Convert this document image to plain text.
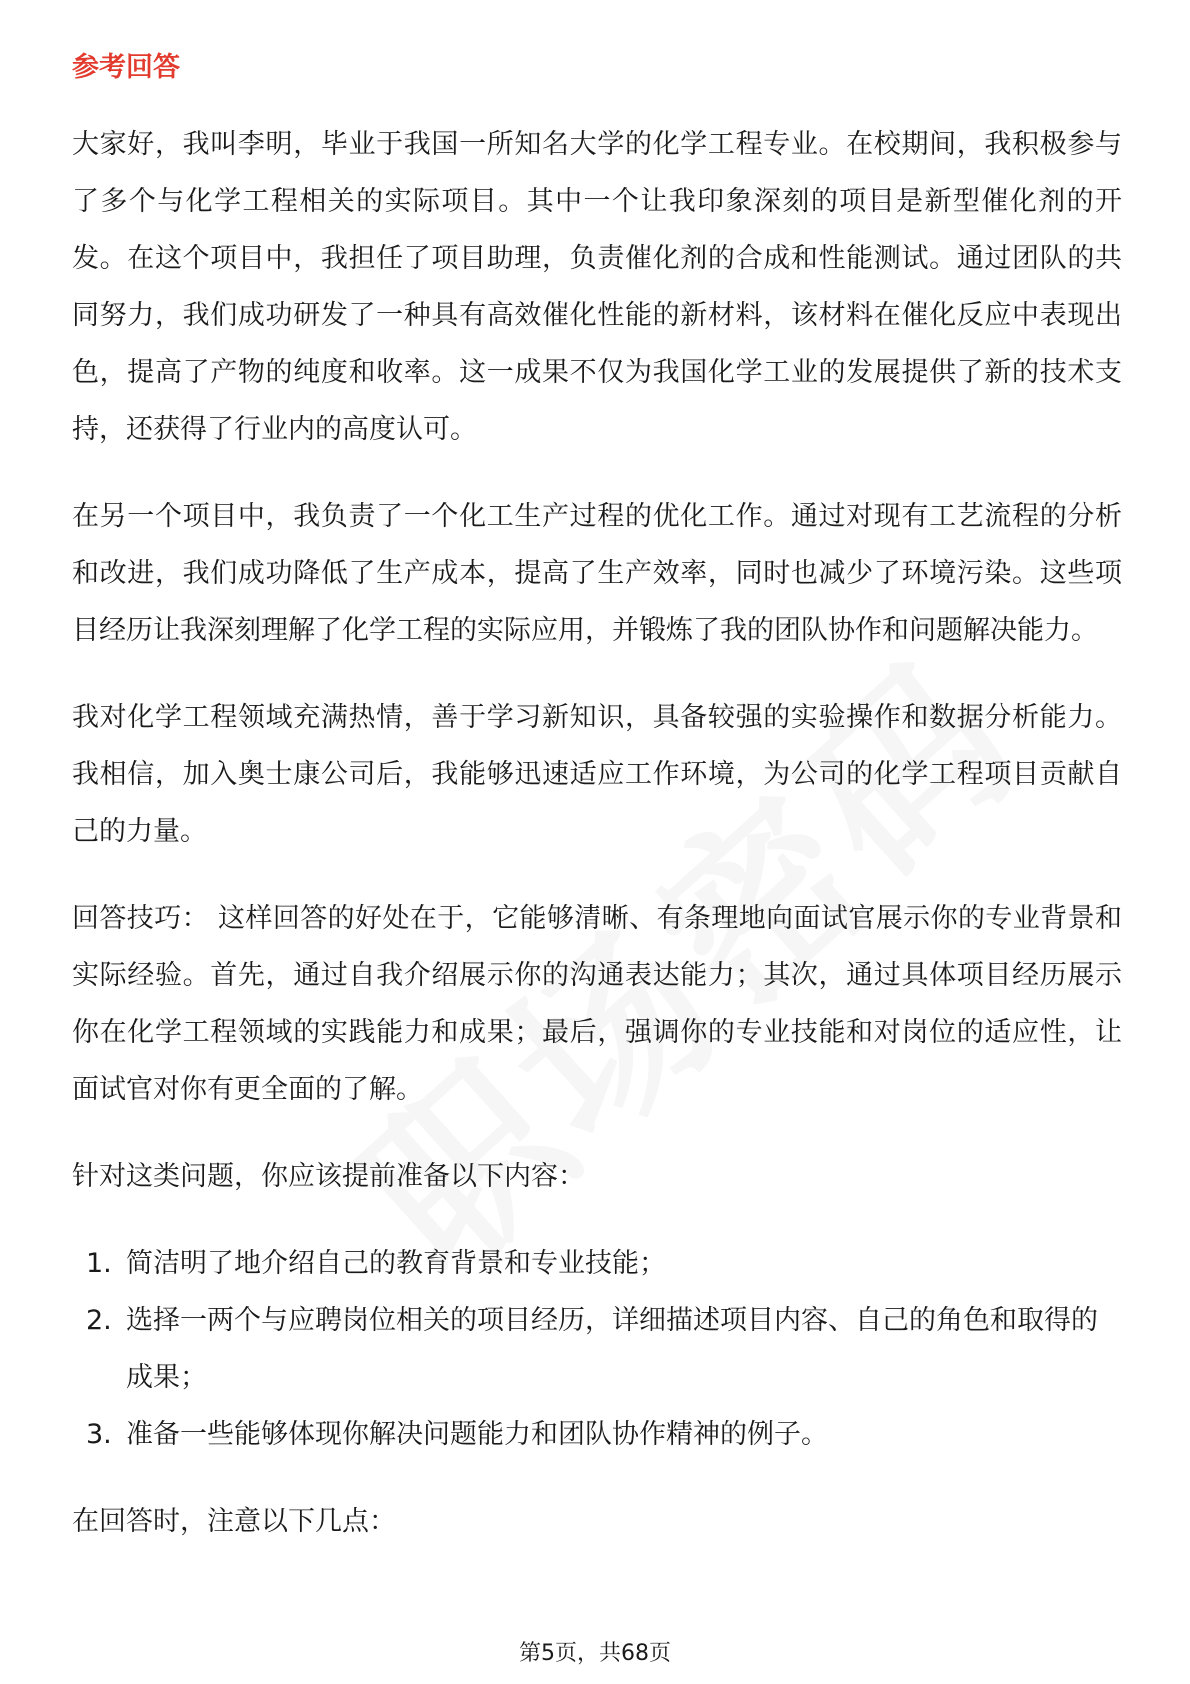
参考回答

大家好，我叫李明，毕业于我国一所知名大学的化学工程专业。在校期间，我积极参与了多个与化学工程相关的实际项目。其中一个让我印象深刻的项目是新型催化剂的开发。在这个项目中，我担任了项目助理，负责催化剂的合成和性能测试。通过团队的共同努力，我们成功研发了一种具有高效催化性能的新材料，该材料在催化反应中表现出色，提高了产物的纯度和收率。这一成果不仅为我国化学工业的发展提供了新的技术支持，还获得了行业内的高度认可。

在另一个项目中，我负责了一个化工生产过程的优化工作。通过对现有工艺流程的分析和改进，我们成功降低了生产成本，提高了生产效率，同时也减少了环境污染。这些项目经历让我深刻理解了化学工程的实际应用，并锻炼了我的团队协作和问题解决能力。

我对化学工程领域充满热情，善于学习新知识，具备较强的实验操作和数据分析能力。我相信，加入奥士康公司后，我能够迅速适应工作环境，为公司的化学工程项目贡献自己的力量。

回答技巧： 这样回答的好处在于，它能够清晰、有条理地向面试官展示你的专业背景和实际经验。首先，通过自我介绍展示你的沟通表达能力；其次，通过具体项目经历展示你在化学工程领域的实践能力和成果；最后，强调你的专业技能和对岗位的适应性，让面试官对你有更全面的了解。

针对这类问题，你应该提前准备以下内容：

1. 简洁明了地介绍自己的教育背景和专业技能；
2. 选择一两个与应聘岗位相关的项目经历，详细描述项目内容、自己的角色和取得的成果；
3. 准备一些能够体现你解决问题能力和团队协作精神的例子。

在回答时，注意以下几点：

第5页，共68页
